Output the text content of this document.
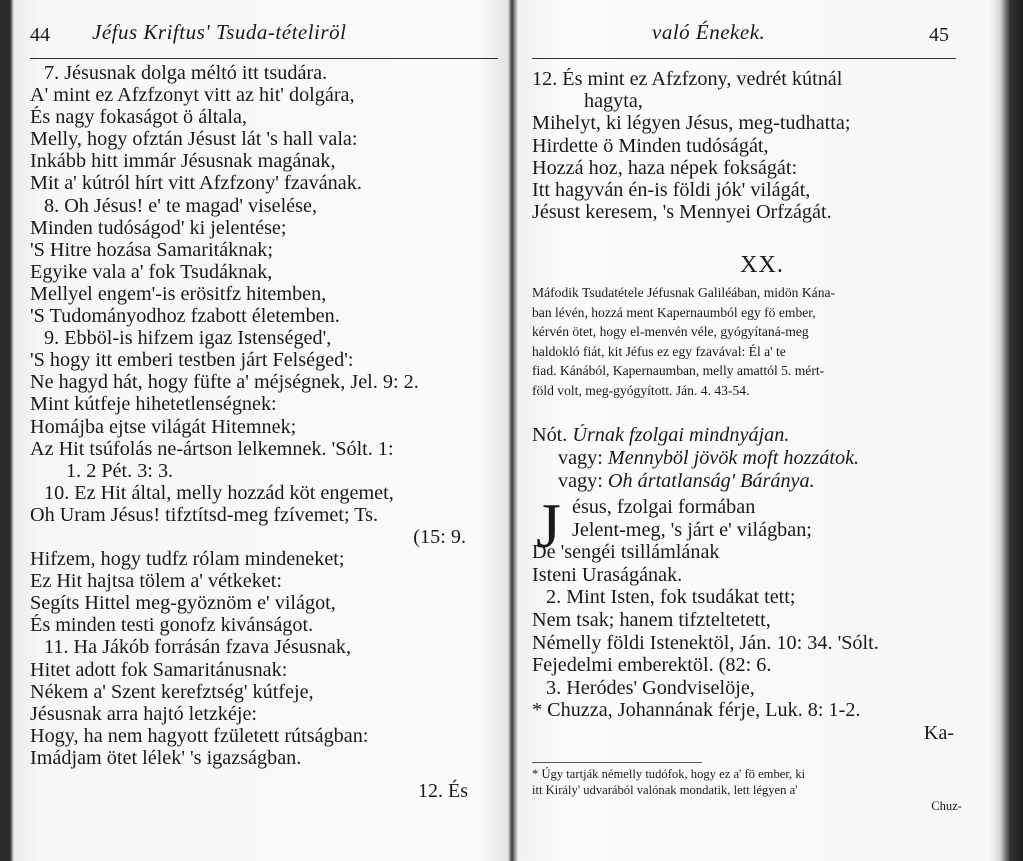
44 Jéfus Kriftus' Tsuda-tételiröl
7. Jésusnak dolga méltó itt tsudára.
A' mint ez Afzfzonyt vitt az hit' dolgára,
És nagy fokaságot ö általa,
Melly, hogy ofztán Jésust lát 's hall vala:
Inkább hitt immár Jésusnak magának,
Mit a' kútról hírt vitt Afzfzony' fzavának.
8. Oh Jésus! e' te magad' viselése,
Minden tudóságod' ki jelentése;
'S Hitre hozása Samaritáknak;
Egyike vala a' fok Tsudáknak,
Mellyel engem'-is erösitfz hitemben,
'S Tudományodhoz fzabott életemben.
9. Ebböl-is hifzem igaz Istenséged',
'S hogy itt emberi testben járt Felséged':
Ne hagyd hát, hogy füfte a' méjségnek, Jel. 9: 2.
Mint kútfeje hihetetlenségnek:
Homájba ejtse világát Hitemnek;
Az Hit tsúfolás ne-ártson lelkemnek. 'Sólt. 1:
1. 2 Pét. 3: 3.
10. Ez Hit által, melly hozzád köt engemet,
Oh Uram Jésus! tifztítsd-meg fzívemet; Ts.
(15: 9.
Hifzem, hogy tudfz rólam mindeneket;
Ez Hit hajtsa tölem a' vétkeket:
Segíts Hittel meg-gyöznöm e' világot,
És minden testi gonofz kivánságot.
11. Ha Jákób forrásán fzava Jésusnak,
Hitet adott fok Samaritánusnak:
Nékem a' Szent kerefztség' kútfeje,
Jésusnak arra hajtó letzkéje:
Hogy, ha nem hagyott fzületett rútságban:
Imádjam ötet lélek' 's igazságban.
12. És
való Énekek.	45
12. És mint ez Afzfzony, vedrét kútnál
hagyta,
Mihelyt, ki légyen Jésus, meg-tudhatta;
Hirdette ö Minden tudóságát,
Hozzá hoz, haza népek fokságát:
Itt hagyván én-is földi jók' világát,
Jésust keresem, 's Mennyei Orfzágát.
XX.
Máfodik Tsudatétele Jéfusnak Galiléában, midön Kána-
ban lévén, hozzá ment Kapernaumból egy fö ember,
kérvén ötet, hogy el-menvén véle, gyógyítaná-meg
haldokló fiát, kit Jéfus ez egy fzavával: Él a' te
fiad. Kánából, Kapernaumban, melly amattól 5. mért-
föld volt, meg-gyógyított. Ján. 4. 43-54.
Nót. Úrnak fzolgai mindnyájan.
vagy: Mennyböl jövök moft hozzátok.
vagy: Oh ártatlanság' Báránya.
J ésus, fzolgai formában
Jelent-meg, 's járt e' világban;
De 'sengéi tsillámlának
Isteni Uraságának.
2. Mint Isten, fok tsudákat tett;
Nem tsak; hanem tifzteltetett,
Némelly földi Istenektöl, Ján. 10: 34. 'Sólt.
Fejedelmi emberektöl. (82: 6.
3. Heródes' Gondviselöje,
* Chuzza, Johannának férje, Luk. 8: 1-2.
Ka-
* Úgy tartják némelly tudófok, hogy ez a' fö ember, ki
itt Király' udvarából valónak mondatik, lett légyen a'
Chuz-
